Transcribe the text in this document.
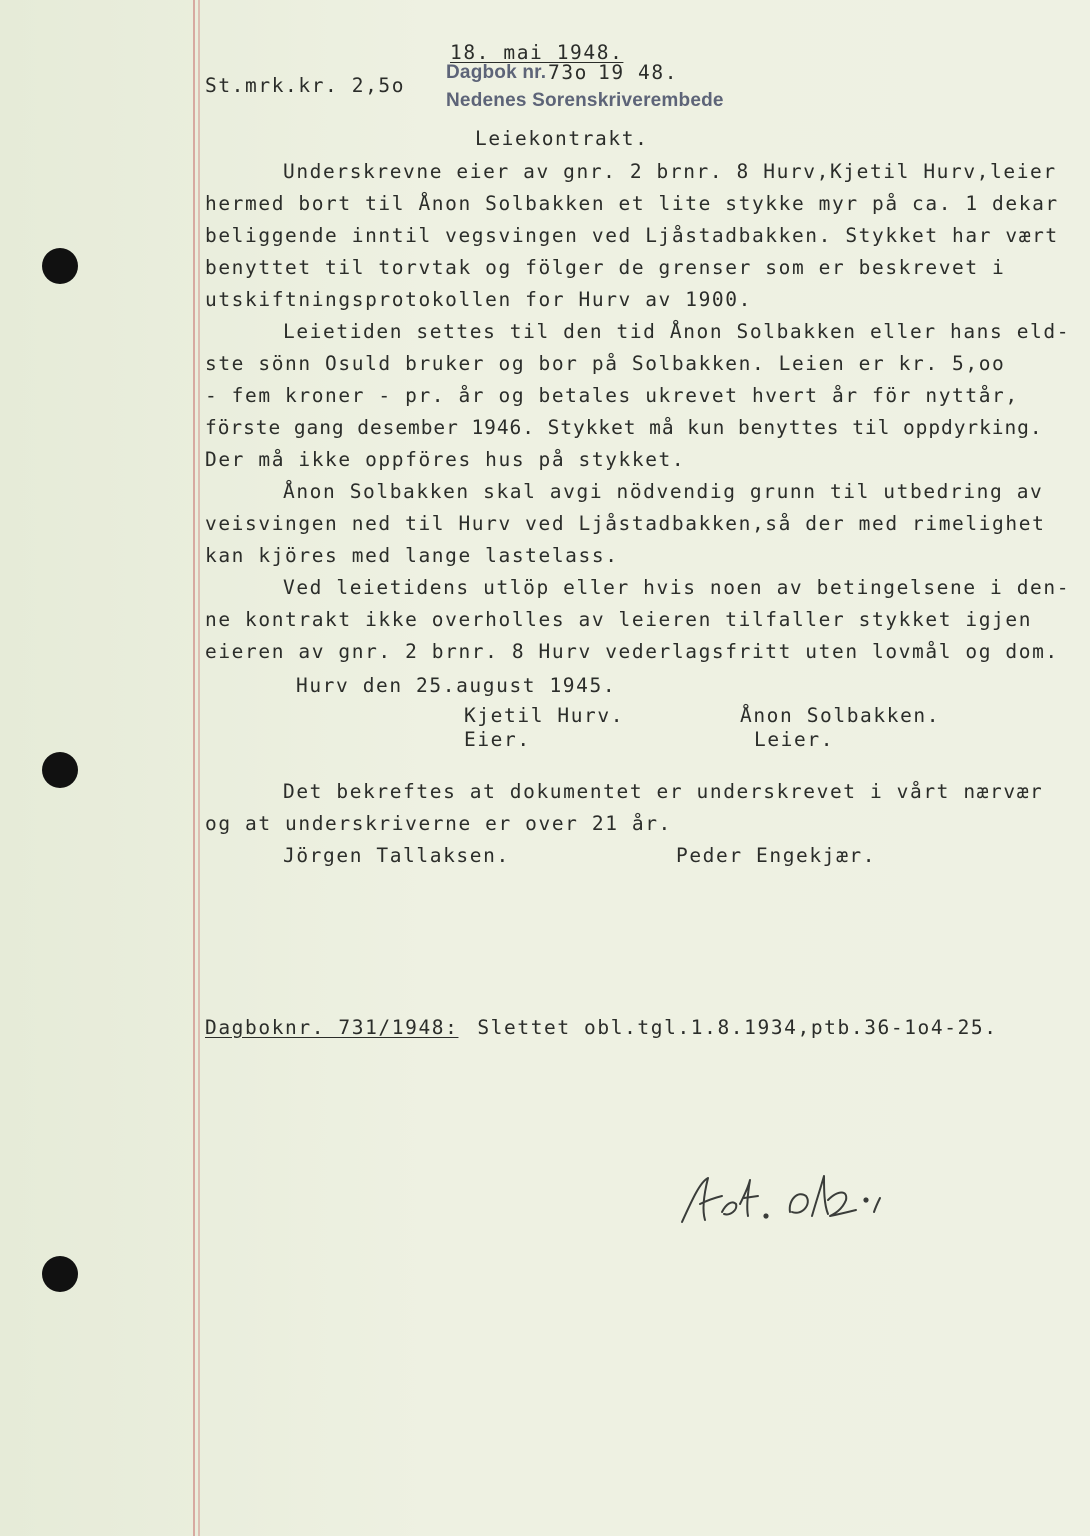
18. mai 1948.
St.mrk.kr. 2,5o
Dagbok nr. 73o 19 48.
Nedenes Sorenskriverembede
Leiekontrakt.
Underskrevne eier av gnr. 2 brnr. 8 Hurv,Kjetil Hurv,leier
hermed bort til Ånon Solbakken et lite stykke myr på ca. 1 dekar
beliggende inntil vegsvingen ved Ljåstadbakken. Stykket har vært
benyttet til torvtak og fölger de grenser som er beskrevet i
utskiftningsprotokollen for Hurv av 1900.
Leietiden settes til den tid Ånon Solbakken eller hans eld-
ste sönn Osuld bruker og bor på Solbakken. Leien er kr. 5,oo
- fem kroner - pr. år og betales ukrevet hvert år för nyttår,
förste gang desember 1946. Stykket må kun benyttes til oppdyrking.
Der må ikke oppföres hus på stykket.
Ånon Solbakken skal avgi nödvendig grunn til utbedring av
veisvingen ned til Hurv ved Ljåstadbakken,så der med rimelighet
kan kjöres med lange lastelass.
Ved leietidens utlöp eller hvis noen av betingelsene i den-
ne kontrakt ikke overholles av leieren tilfaller stykket igjen
eieren av gnr. 2 brnr. 8 Hurv vederlagsfritt uten lovmål og dom.
Hurv den 25.august 1945.
Kjetil Hurv.
Eier.
Ånon Solbakken.
Leier.
Det bekreftes at dokumentet er underskrevet i vårt nærvær
og at underskriverne er over 21 år.
Jörgen Tallaksen.	Peder Engekjær.
Dagboknr. 731/1948: Slettet obl.tgl.1.8.1934,ptb.36-1o4-25.
